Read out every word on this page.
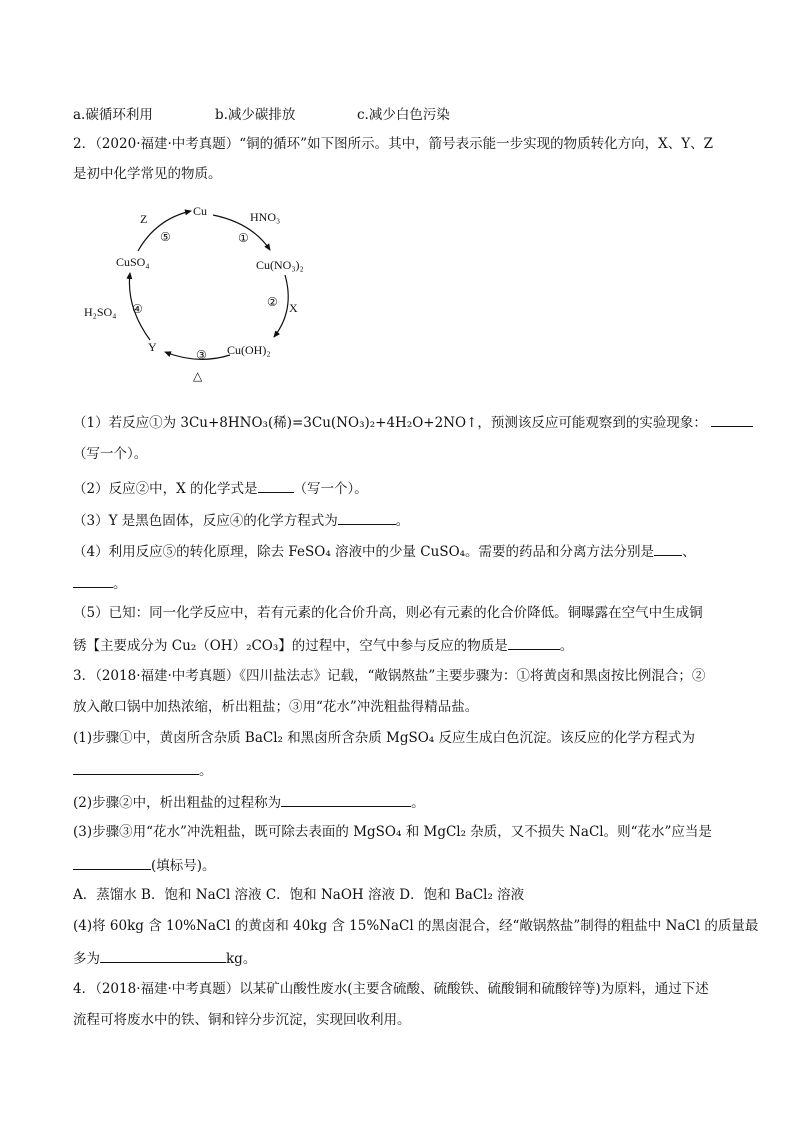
a.碳循环利用	b.减少碳排放	c.减少白色污染
2．（2020·福建·中考真题）“铜的循环”如下图所示。其中，箭号表示能一步实现的物质转化方向，X、Y、Z
是初中化学常见的物质。
Cu	HNO₃
①
Cu(NO₃)₂
② X
Cu(OH)₂
③
△
Y
H₂SO₄ ④
CuSO₄
Z
⑤
（1）若反应①为 3Cu+8HNO₃(稀)=3Cu(NO₃)₂+4H₂O+2NO↑，预测该反应可能观察到的实验现象：
（写一个）。
（2）反应②中，X 的化学式是	（写一个）。
（3）Y 是黑色固体，反应④的化学方程式为	。
（4）利用反应⑤的转化原理，除去 FeSO₄ 溶液中的少量 CuSO₄。需要的药品和分离方法分别是 、
。
（5）已知：同一化学反应中，若有元素的化合价升高，则必有元素的化合价降低。铜曝露在空气中生成铜
锈【主要成分为 Cu₂（OH）₂CO₃】的过程中，空气中参与反应的物质是	。
3．（2018·福建·中考真题）《四川盐法志》记载，“敞锅熬盐”主要步骤为：①将黄卤和黑卤按比例混合；②
放入敞口锅中加热浓缩，析出粗盐；③用“花水”冲洗粗盐得精品盐。
(1)步骤①中，黄卤所含杂质 BaCl₂ 和黑卤所含杂质 MgSO₄ 反应生成白色沉淀。该反应的化学方程式为
。
(2)步骤②中，析出粗盐的过程称为	。
(3)步骤③用“花水”冲洗粗盐，既可除去表面的 MgSO₄ 和 MgCl₂ 杂质，又不损失 NaCl。则“花水”应当是
(填标号)。
A．蒸馏水 B．饱和 NaCl 溶液 C．饱和 NaOH 溶液 D．饱和 BaCl₂ 溶液
(4)将 60kg 含 10%NaCl 的黄卤和 40kg 含 15%NaCl 的黑卤混合，经“敞锅熬盐”制得的粗盐中 NaCl 的质量最
多为	kg。
4．（2018·福建·中考真题）以某矿山酸性废水(主要含硫酸、硫酸铁、硫酸铜和硫酸锌等)为原料，通过下述
流程可将废水中的铁、铜和锌分步沉淀，实现回收利用。
